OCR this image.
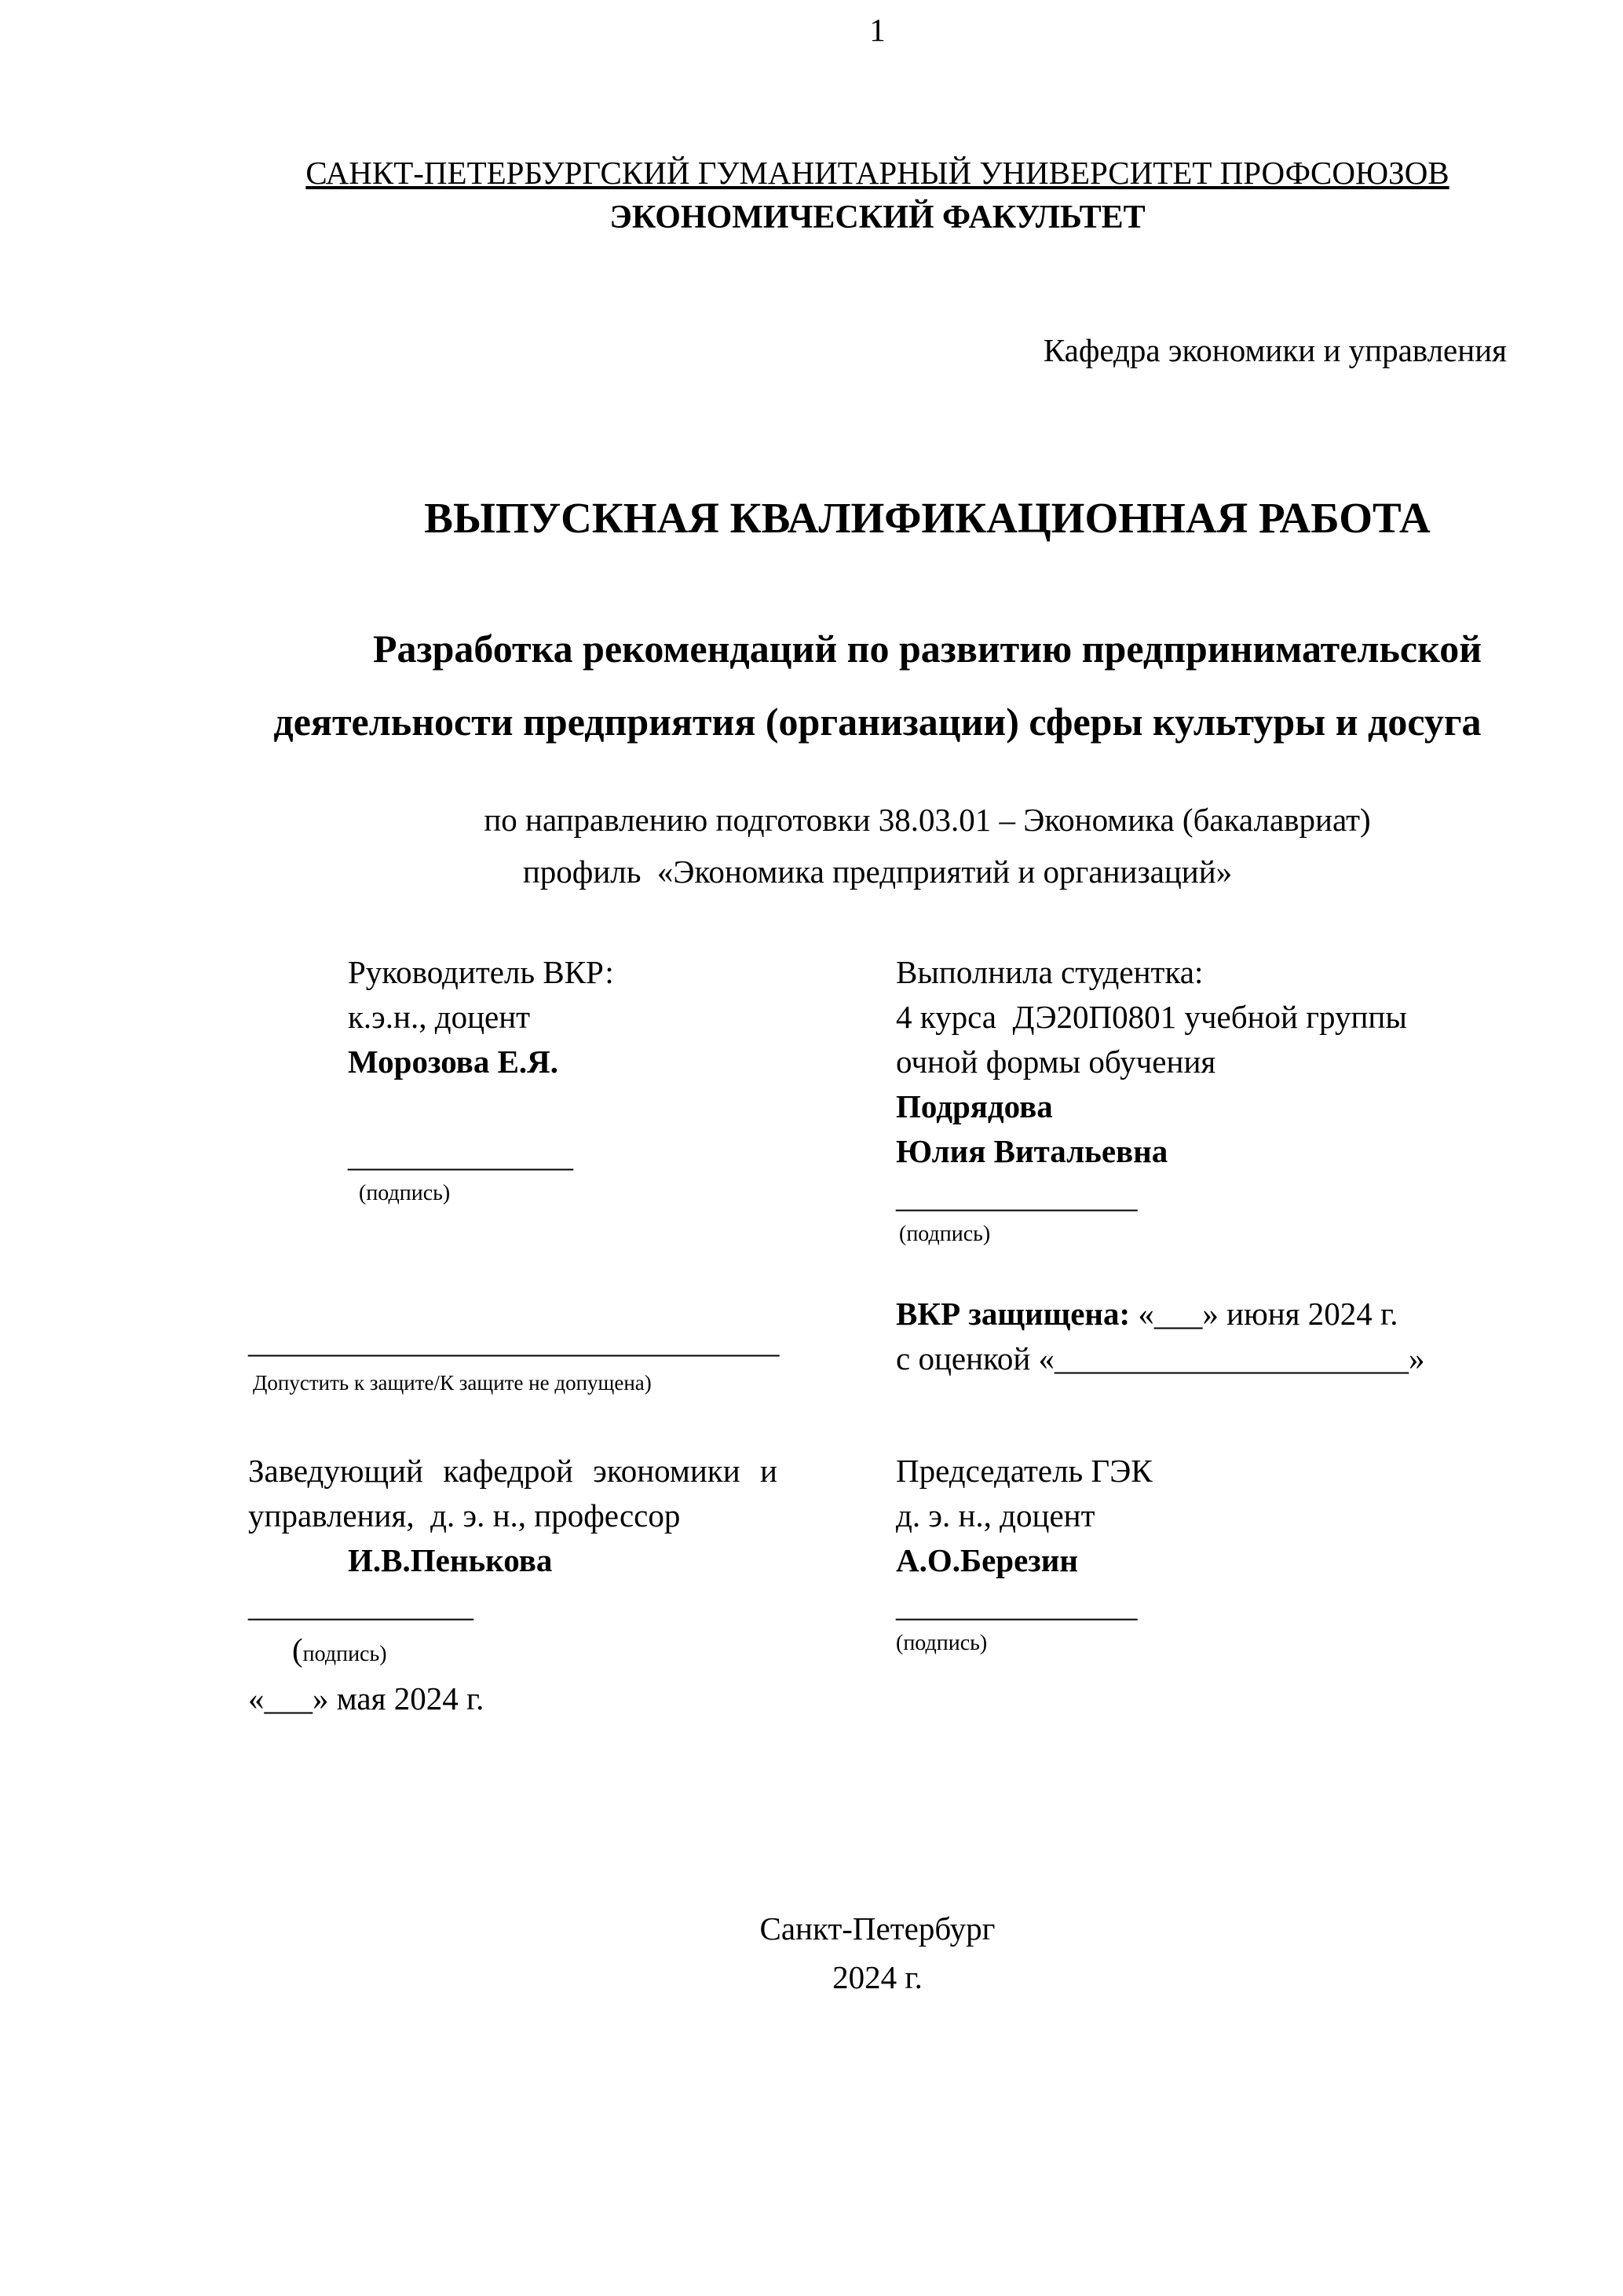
1
САНКТ-ПЕТЕРБУРГСКИЙ ГУМАНИТАРНЫЙ УНИВЕРСИТЕТ ПРОФСОЮЗОВ
ЭКОНОМИЧЕСКИЙ ФАКУЛЬТЕТ
Кафедра экономики и управления
ВЫПУСКНАЯ КВАЛИФИКАЦИОННАЯ РАБОТА
Разработка рекомендаций по развитию предпринимательской
деятельности предприятия (организации) сферы культуры и досуга
по направлению подготовки 38.03.01 – Экономика (бакалавриат)
профиль  «Экономика предприятий и организаций»
Руководитель ВКР:
к.э.н., доцент
Морозова Е.Я.
______________
(подпись)
Выполнила студентка:
4 курса  ДЭ20П0801 учебной группы
очной формы обучения
Подрядова
Юлия Витальевна
_______________
(подпись)
ВКР защищена: «___» июня 2024 г.
с оценкой «______________________»
_________________________________
Допустить к защите/К защите не допущена)
Заведующий кафедрой экономики и
управления,  д. э. н., профессор
И.В.Пенькова
______________
(подпись)
«___» мая 2024 г.
Председатель ГЭК
д. э. н., доцент
А.О.Березин
_______________
(подпись)
Санкт-Петербург
2024 г.
